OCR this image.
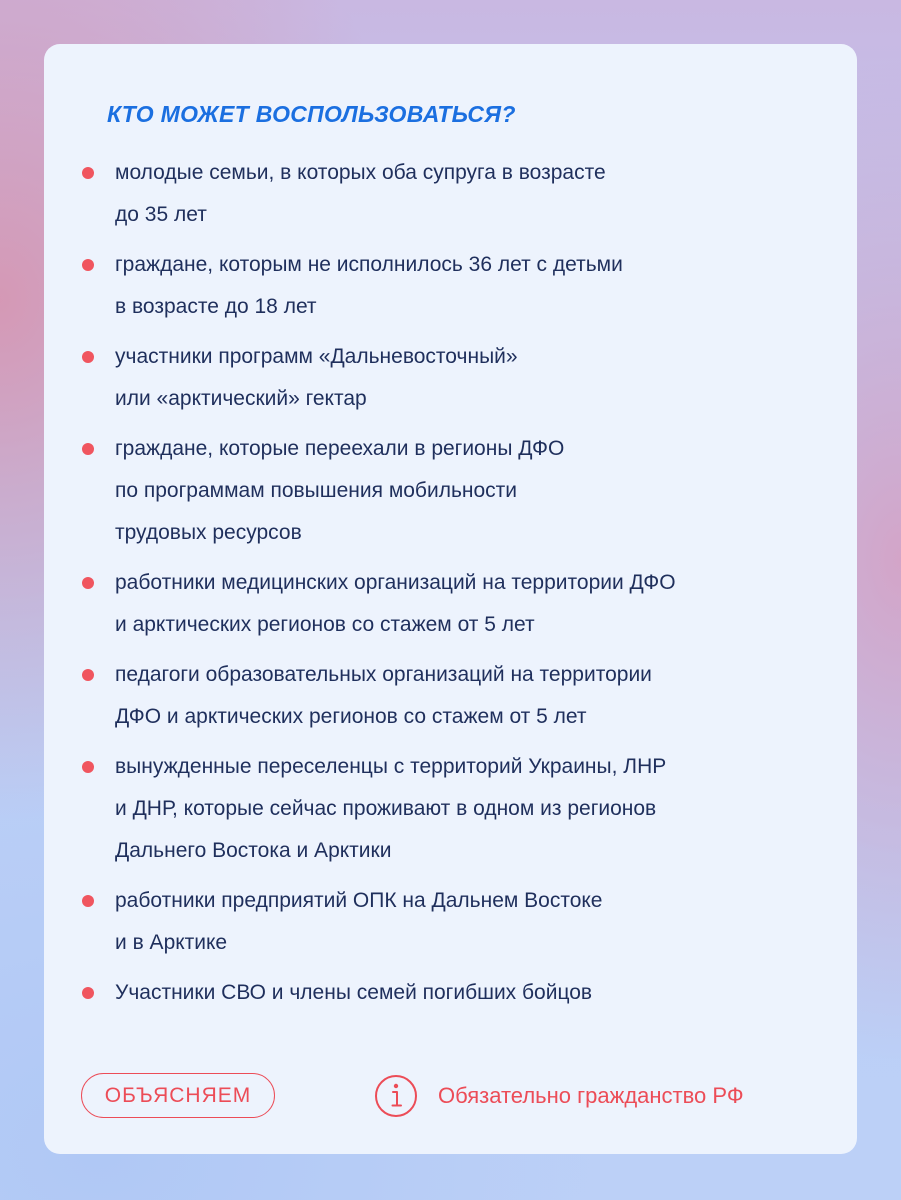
КТО МОЖЕТ ВОСПОЛЬЗОВАТЬСЯ?
молодые семьи, в которых оба супруга в возрасте
до 35 лет
граждане, которым не исполнилось 36 лет с детьми
в возрасте до 18 лет
участники программ «Дальневосточный»
или «арктический» гектар
граждане, которые переехали в регионы ДФО
по программам повышения мобильности
трудовых ресурсов
работники медицинских организаций на территории ДФО
и арктических регионов со стажем от 5 лет
педагоги образовательных организаций на территории
ДФО и арктических регионов со стажем от 5 лет
вынужденные переселенцы с территорий Украины, ЛНР
и ДНР, которые сейчас проживают в одном из регионов
Дальнего Востока и Арктики
работники предприятий ОПК на Дальнем Востоке
и в Арктике
Участники СВО и члены семей погибших бойцов
ОБЪЯСНЯЕМ	Обязательно гражданство РФ
